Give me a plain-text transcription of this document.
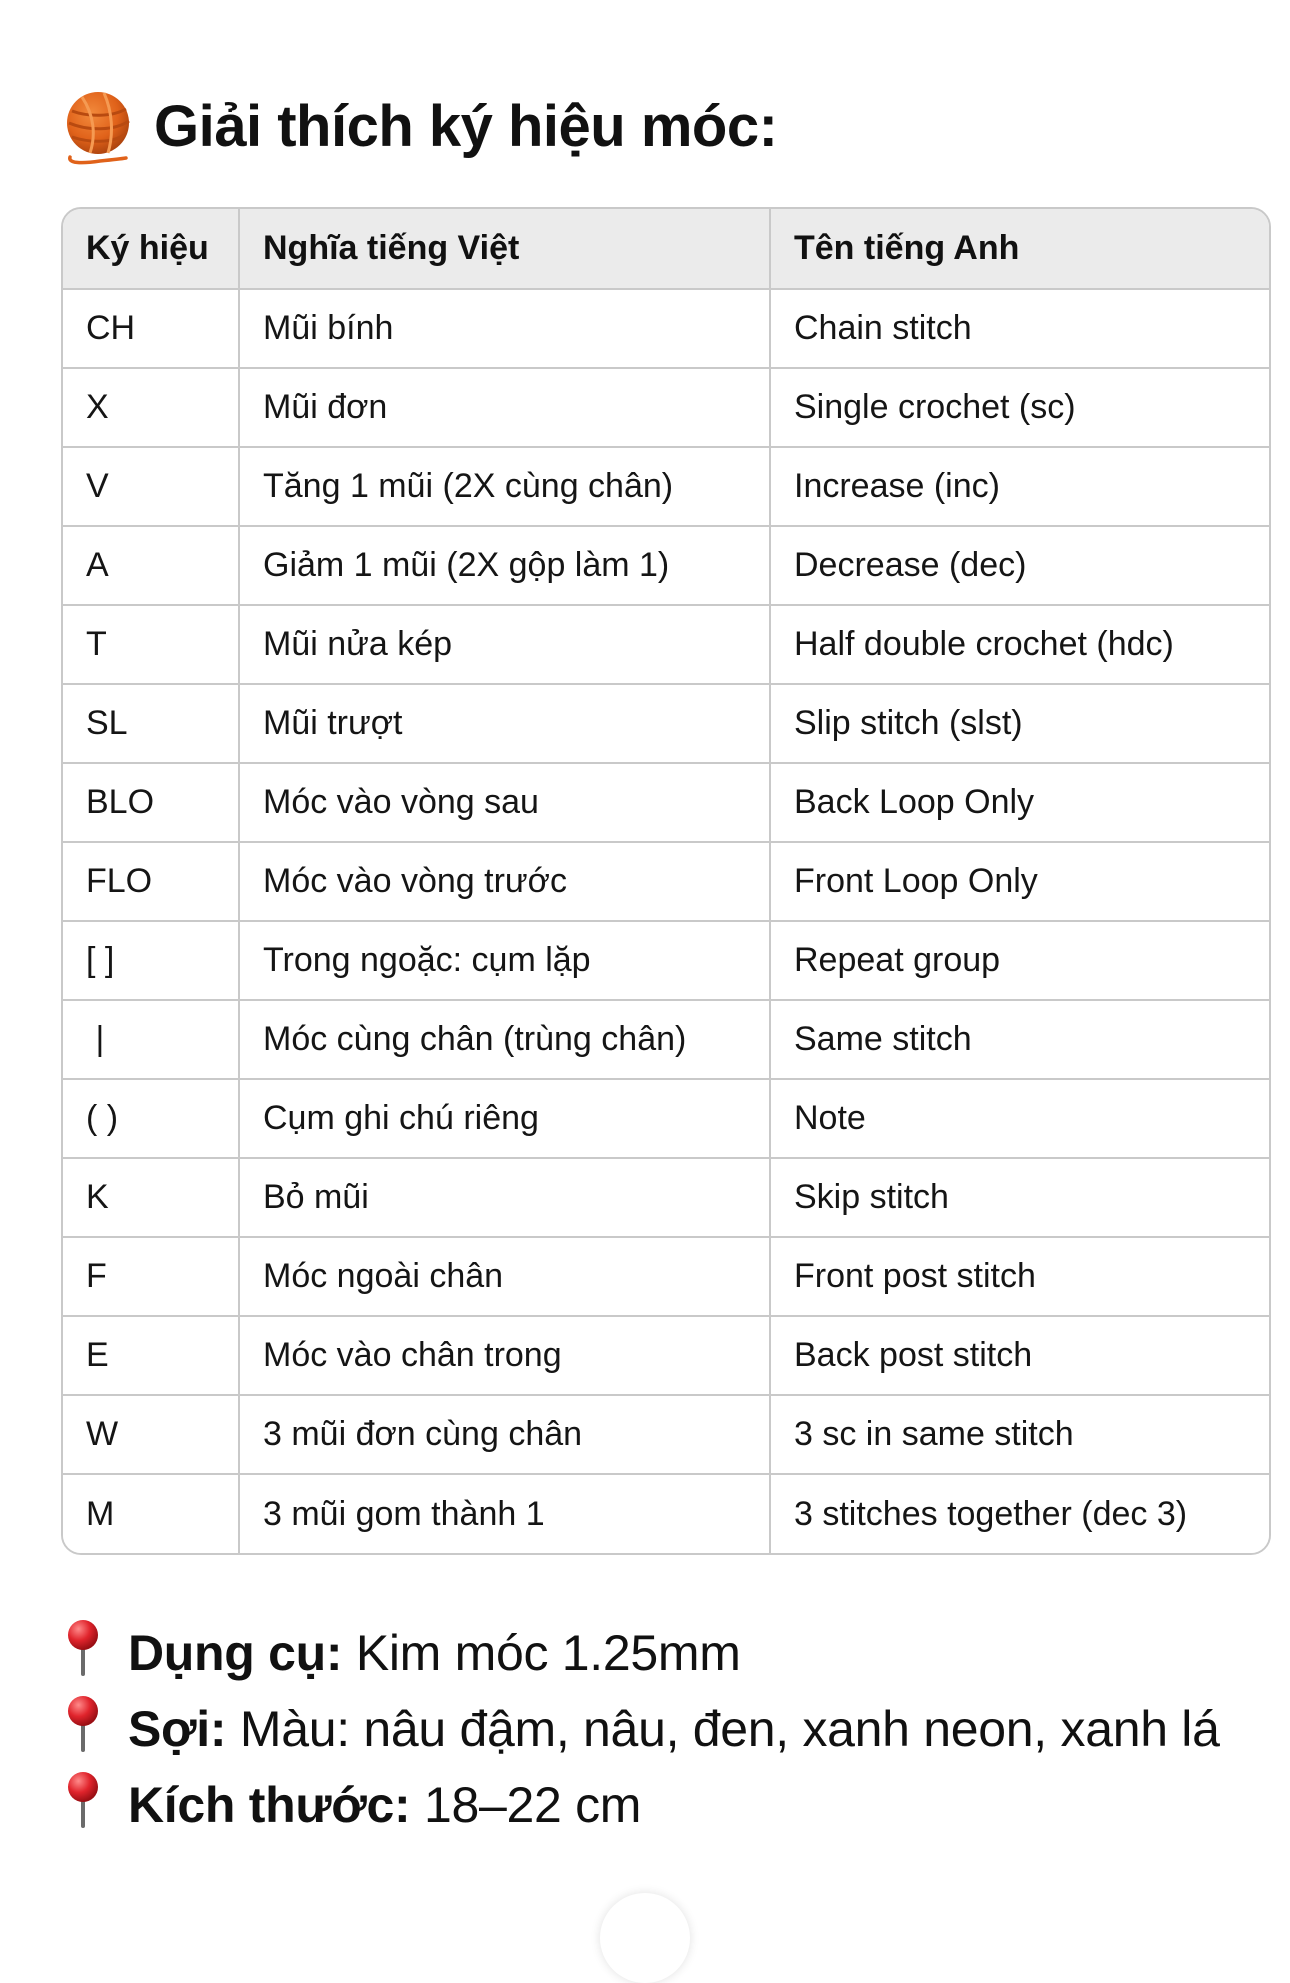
Giải thích ký hiệu móc:
Ký hiệu	Nghĩa tiếng Việt	Tên tiếng Anh
CH	Mũi bính	Chain stitch
X	Mũi đơn	Single crochet (sc)
V	Tăng 1 mũi (2X cùng chân)	Increase (inc)
A	Giảm 1 mũi (2X gộp làm 1)	Decrease (dec)
T	Mũi nửa kép	Half double crochet (hdc)
SL	Mũi trượt	Slip stitch (slst)
BLO	Móc vào vòng sau	Back Loop Only
FLO	Móc vào vòng trước	Front Loop Only
[ ]	Trong ngoặc: cụm lặp	Repeat group
|	Móc cùng chân (trùng chân)	Same stitch
( )	Cụm ghi chú riêng	Note
K	Bỏ mũi	Skip stitch
F	Móc ngoài chân	Front post stitch
E	Móc vào chân trong	Back post stitch
W	3 mũi đơn cùng chân	3 sc in same stitch
M	3 mũi gom thành 1	3 stitches together (dec 3)
Dụng cụ: Kim móc 1.25mm
Sợi: Màu: nâu đậm, nâu, đen, xanh neon, xanh lá
Kích thước: 18–22 cm
